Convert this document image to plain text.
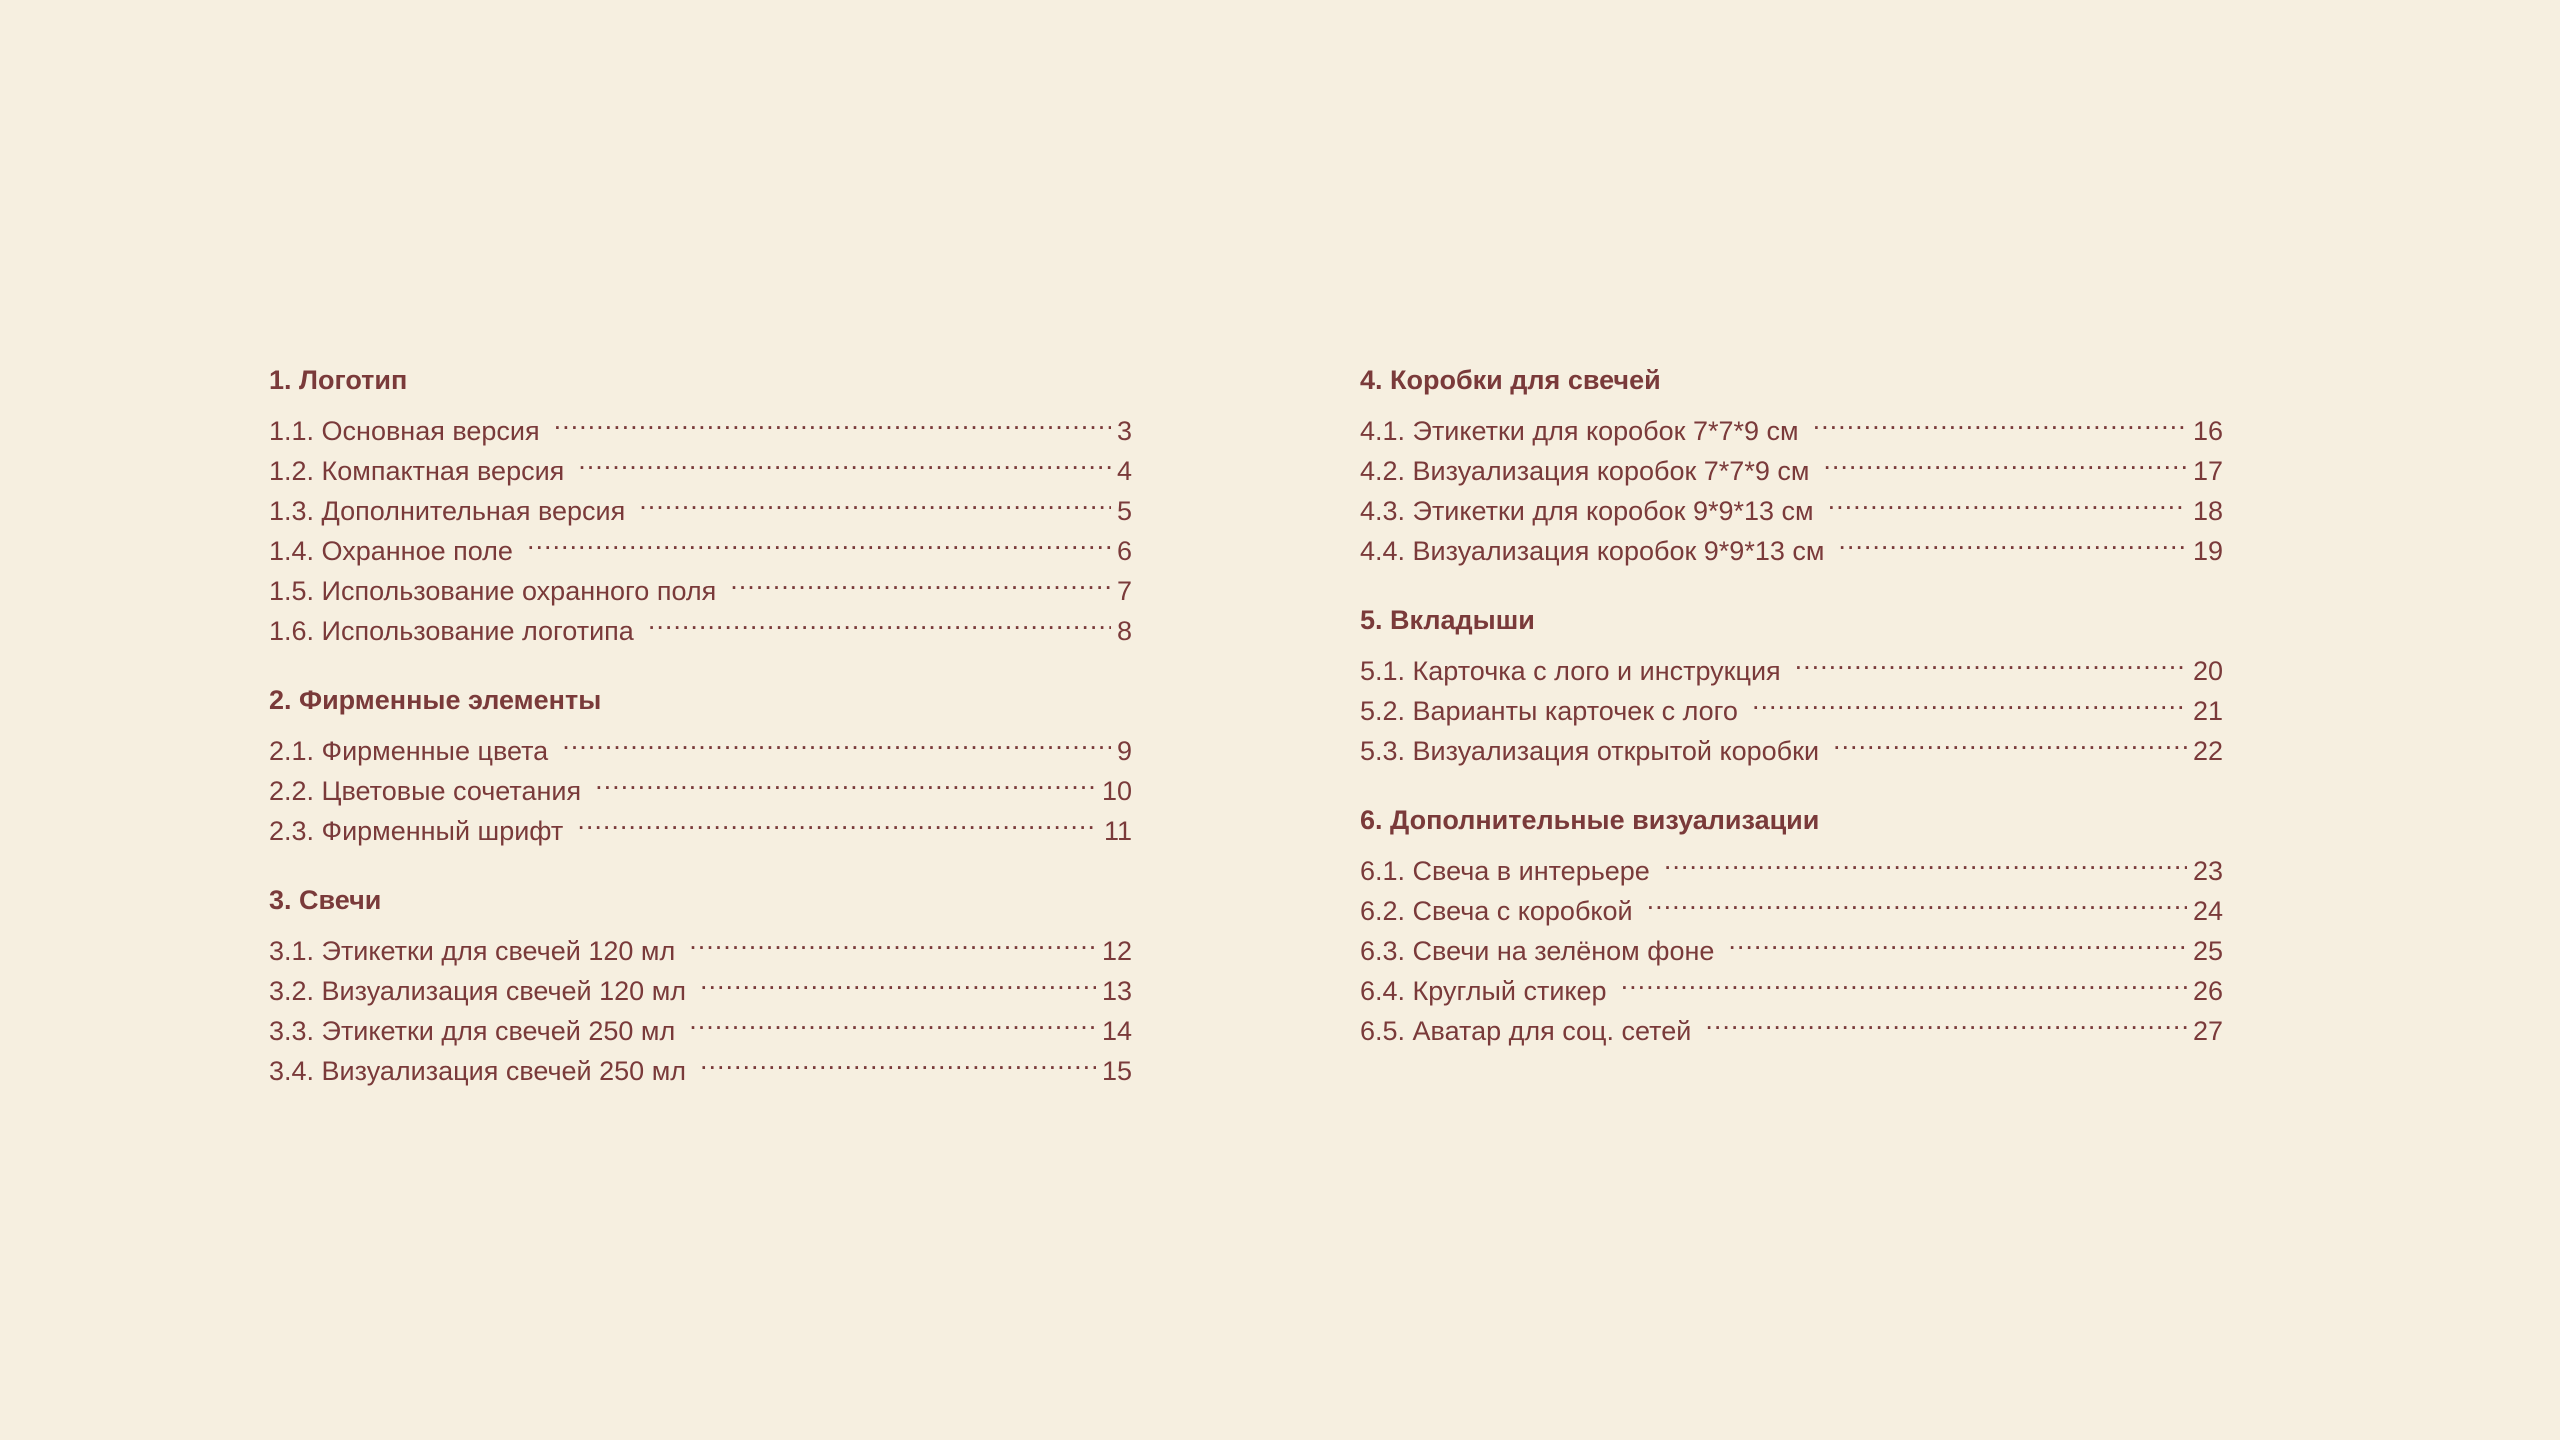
1. Логотип
1.1. Основная версия .....	3
1.2. Компактная версия .....	4
1.3. Дополнительная версия .....	5
1.4. Охранное поле .....	6
1.5. Использование охранного поля .....	7
1.6. Использование логотипа .....	8
2. Фирменные элементы
2.1. Фирменные цвета .....	9
2.2. Цветовые сочетания .....	10
2.3. Фирменный шрифт .....	11
3. Свечи
3.1. Этикетки для свечей 120 мл .....	12
3.2. Визуализация свечей 120 мл .....	13
3.3. Этикетки для свечей 250 мл .....	14
3.4. Визуализация свечей 250 мл .....	15
4. Коробки для свечей
4.1. Этикетки для коробок 7*7*9 см .....	16
4.2. Визуализация коробок 7*7*9 см .....	17
4.3. Этикетки для коробок 9*9*13 см .....	18
4.4. Визуализация коробок 9*9*13 см .....	19
5. Вкладыши
5.1. Карточка с лого и инструкция .....	20
5.2. Варианты карточек с лого .....	21
5.3. Визуализация открытой коробки .....	22
6. Дополнительные визуализации
6.1. Свеча в интерьере .....	23
6.2. Свеча с коробкой .....	24
6.3. Свечи на зелёном фоне .....	25
6.4. Круглый стикер .....	26
6.5. Аватар для соц. сетей .....	27
